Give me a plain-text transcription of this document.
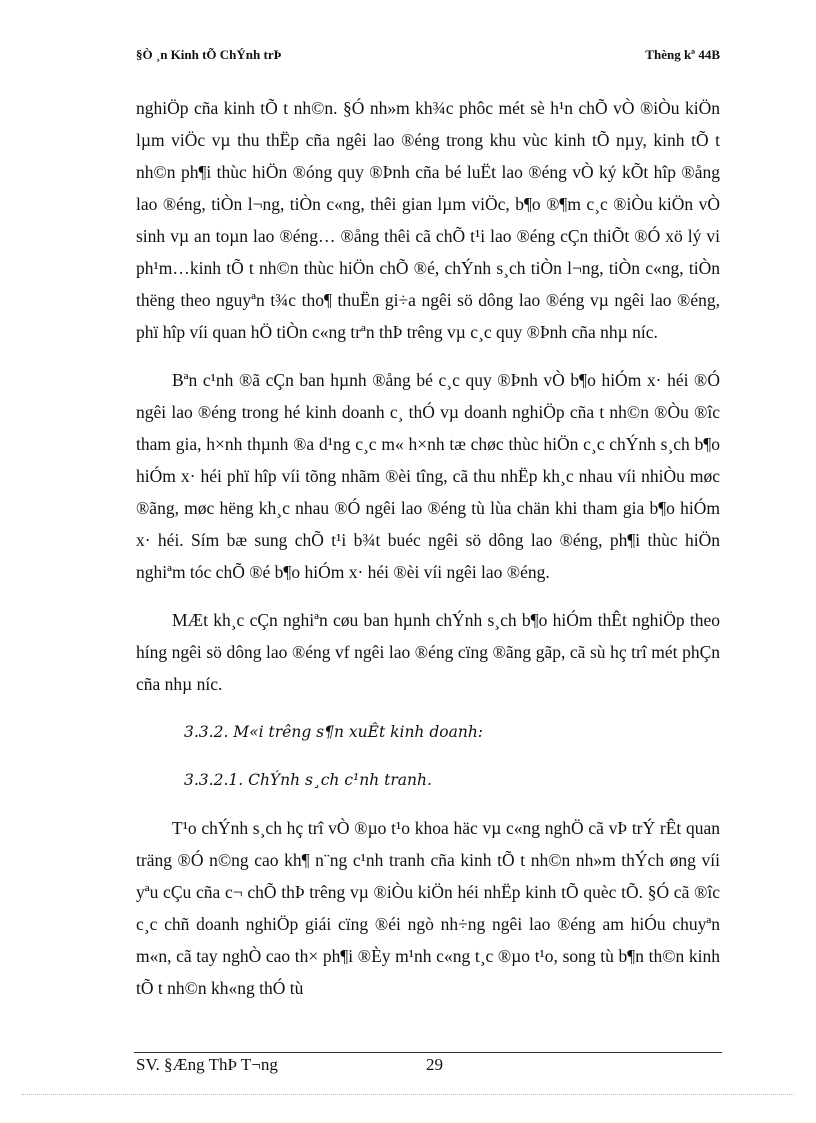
§Ò ¸n Kinh tÕ ChÝnh trÞ	Thèng kª 44B

nghiÖp cña kinh tÕ t nh©n. §Ó nh»m kh¾c phôc mét sè h¹n chÕ vÒ ®iÒu kiÖn lµm viÖc vµ thu thËp cña ngêi lao ®éng trong khu vùc kinh tÕ nµy, kinh tÕ t nh©n ph¶i thùc hiÖn ®óng quy ®Þnh cña bé luËt lao ®éng vÒ ký kÕt hîp ®ång lao ®éng, tiÒn l¬ng, tiÒn c«ng, thêi gian lµm viÖc, b¶o ®¶m c¸c ®iÒu kiÖn vÒ sinh vµ an toµn lao ®éng… ®ång thêi cã chÕ t¹i lao ®éng cÇn thiÕt ®Ó xö lý vi ph¹m…kinh tÕ t nh©n thùc hiÖn chÕ ®é, chÝnh s¸ch tiÒn l¬ng, tiÒn c«ng, tiÒn thëng theo nguyªn t¾c tho¶ thuËn gi÷a ngêi sö dông lao ®éng vµ ngêi lao ®éng, phï hîp víi quan hÖ tiÒn c«ng trªn thÞ trêng vµ c¸c quy ®Þnh cña nhµ níc.

Bªn c¹nh ®ã cÇn ban hµnh ®ång bé c¸c quy ®Þnh vÒ b¶o hiÓm x· héi ®Ó ngêi lao ®éng trong hé kinh doanh c¸ thÓ vµ doanh nghiÖp cña t nh©n ®Òu ®îc tham gia, h×nh thµnh ®a d¹ng c¸c m« h×nh tæ chøc thùc hiÖn c¸c chÝnh s¸ch b¶o hiÓm x· héi phï hîp víi tõng nhãm ®èi tîng, cã thu nhËp kh¸c nhau víi nhiÒu møc ®ãng, møc hëng kh¸c nhau ®Ó ngêi lao ®éng tù lùa chän khi tham gia b¶o hiÓm x· héi. Sím bæ sung chÕ t¹i b¾t buéc ngêi sö dông lao ®éng, ph¶i thùc hiÖn nghiªm tóc chÕ ®é b¶o hiÓm x· héi ®èi víi ngêi lao ®éng.

MÆt kh¸c cÇn nghiªn cøu ban hµnh chÝnh s¸ch b¶o hiÓm thÊt nghiÖp theo híng ngêi sö dông lao ®éng vf ngêi lao ®éng cïng ®ãng gãp, cã sù hç trî mét phÇn cña nhµ níc.

3.3.2. M«i trêng s¶n xuÊt kinh doanh:

3.3.2.1. ChÝnh s¸ch c¹nh tranh.

T¹o chÝnh s¸ch hç trî vÒ ®µo t¹o khoa häc vµ c«ng nghÖ cã vÞ trÝ rÊt quan träng ®Ó n©ng cao kh¶ n¨ng c¹nh tranh cña kinh tÕ t nh©n nh»m thÝch øng víi yªu cÇu cña c¬ chÕ thÞ trêng vµ ®iÒu kiÖn héi nhËp kinh tÕ quèc tÕ. §Ó cã ®îc c¸c chñ doanh nghiÖp giái cïng ®éi ngò nh÷ng ngêi lao ®éng am hiÓu chuyªn m«n, cã tay nghÒ cao th× ph¶i ®Èy m¹nh c«ng t¸c ®µo t¹o, song tù b¶n th©n kinh tÕ t nh©n kh«ng thÓ tù

SV. §Æng ThÞ T¬ng	29
